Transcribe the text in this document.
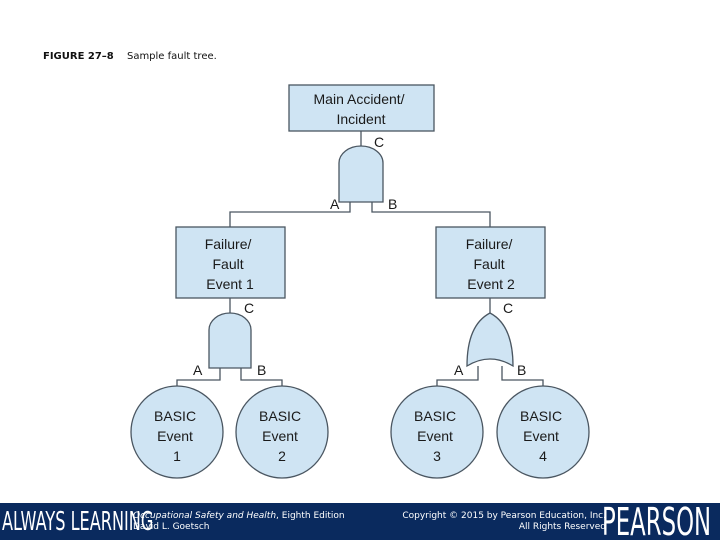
FIGURE 27–8 Sample fault tree.
Main Accident/ Incident
C
A	B
Failure/ Fault Event 1
Failure/ Fault Event 2
C
A	B
C
A	B
BASIC Event 1
BASIC Event 2
BASIC Event 3
BASIC Event 4
ALWAYS LEARNING
Occupational Safety and Health, Eighth Edition
David L. Goetsch
Copyright © 2015 by Pearson Education, Inc.
All Rights Reserved
PEARSON
